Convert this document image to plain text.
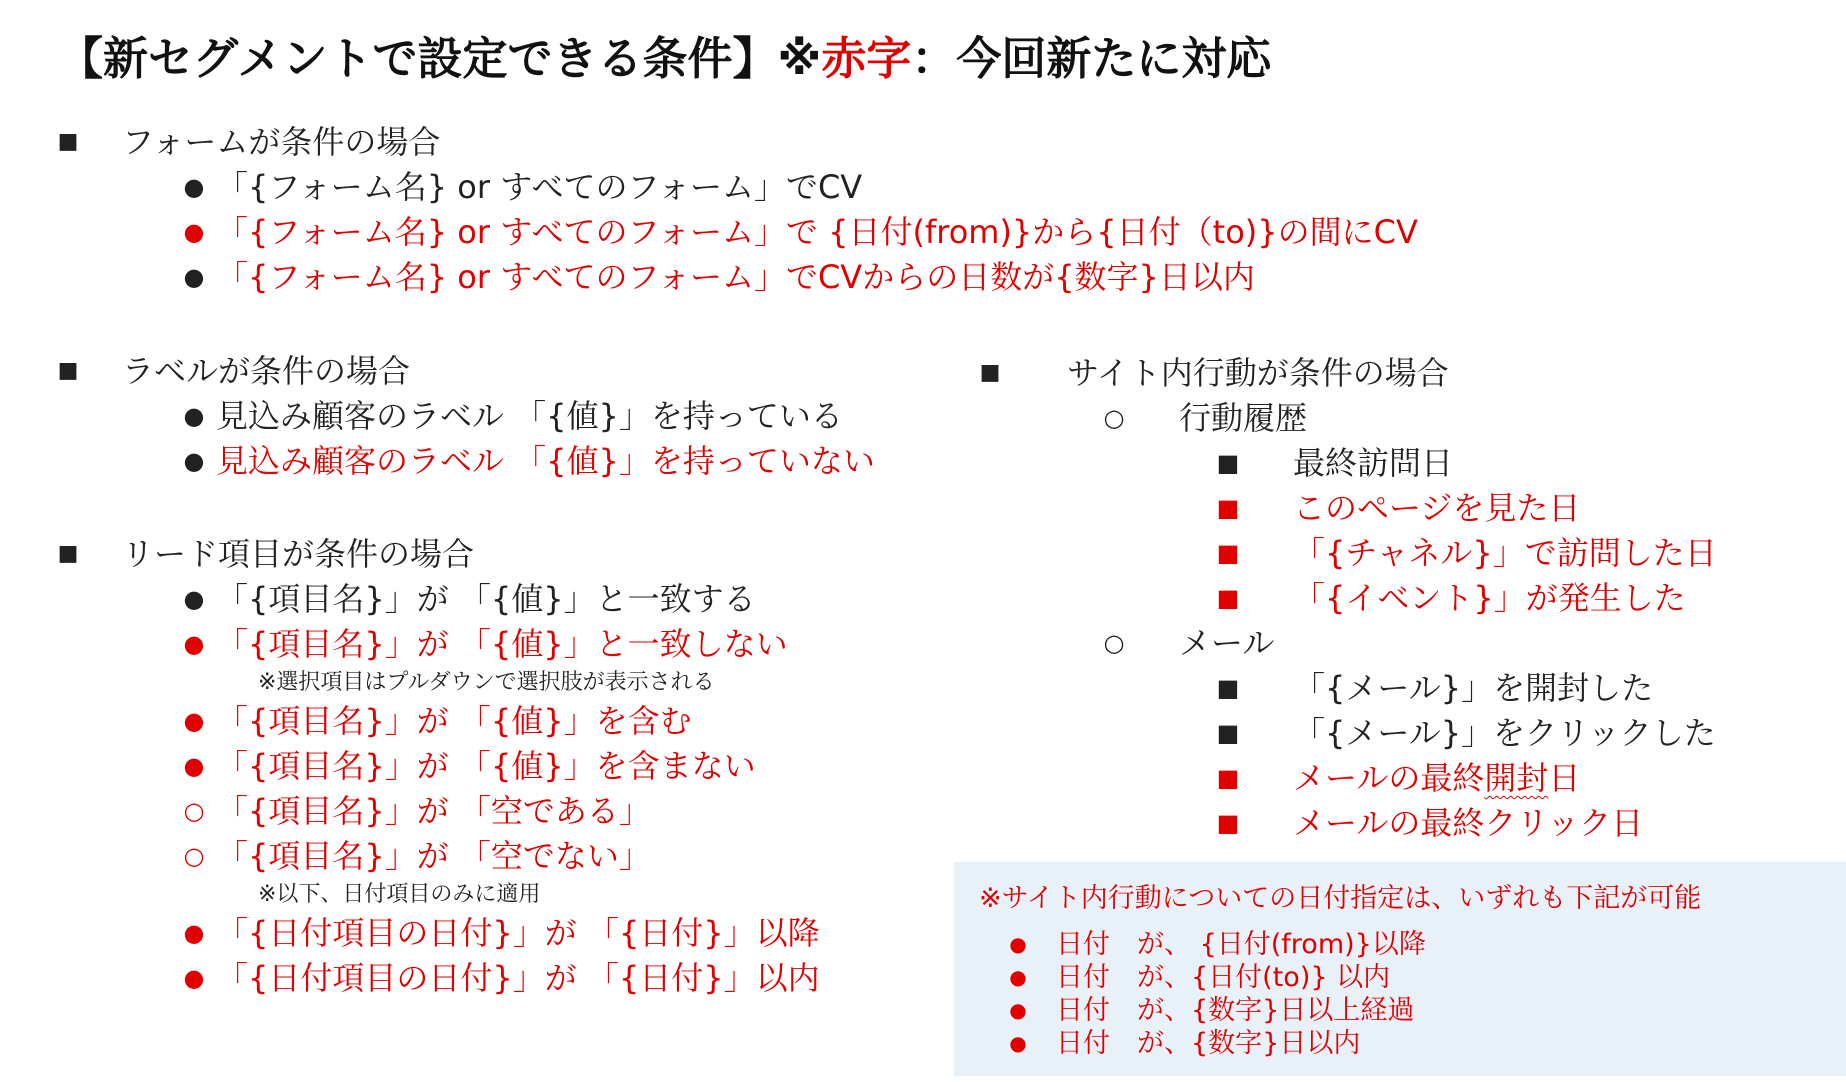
【新セグメントで設定できる条件】※赤字：今回新たに対応
■ フォームが条件の場合
● 「{フォーム名} or すべてのフォーム」でCV
● 「{フォーム名} or すべてのフォーム」で {日付(from)}から{日付（to)}の間にCV
● 「{フォーム名} or すべてのフォーム」でCVからの日数が{数字}日以内
■ ラベルが条件の場合
● 見込み顧客のラベル 「{値}」を持っている
● 見込み顧客のラベル 「{値}」を持っていない
■ リード項目が条件の場合
● 「{項目名}」が 「{値}」と一致する
● 「{項目名}」が 「{値}」と一致しない
※選択項目はプルダウンで選択肢が表示される
● 「{項目名}」が 「{値}」を含む
● 「{項目名}」が 「{値}」を含まない
○ 「{項目名}」が 「空である」
○ 「{項目名}」が 「空でない」
※以下、日付項目のみに適用
● 「{日付項目の日付}」が 「{日付}」以降
● 「{日付項目の日付}」が 「{日付}」以内
■ サイト内行動が条件の場合
○ 行動履歴
■ 最終訪問日
■ このページを見た日
■ 「{チャネル}」で訪問した日
■ 「{イベント}」が発生した
○ メール
■ 「{メール}」を開封した
■ 「{メール}」をクリックした
■ メールの最終開封日
■ メールの最終クリック日
※サイト内行動についての日付指定は、いずれも下記が可能
● 日付　が、 {日付(from)}以降
● 日付　が、{日付(to)} 以内
● 日付　が、{数字}日以上経過
● 日付　が、{数字}日以内
